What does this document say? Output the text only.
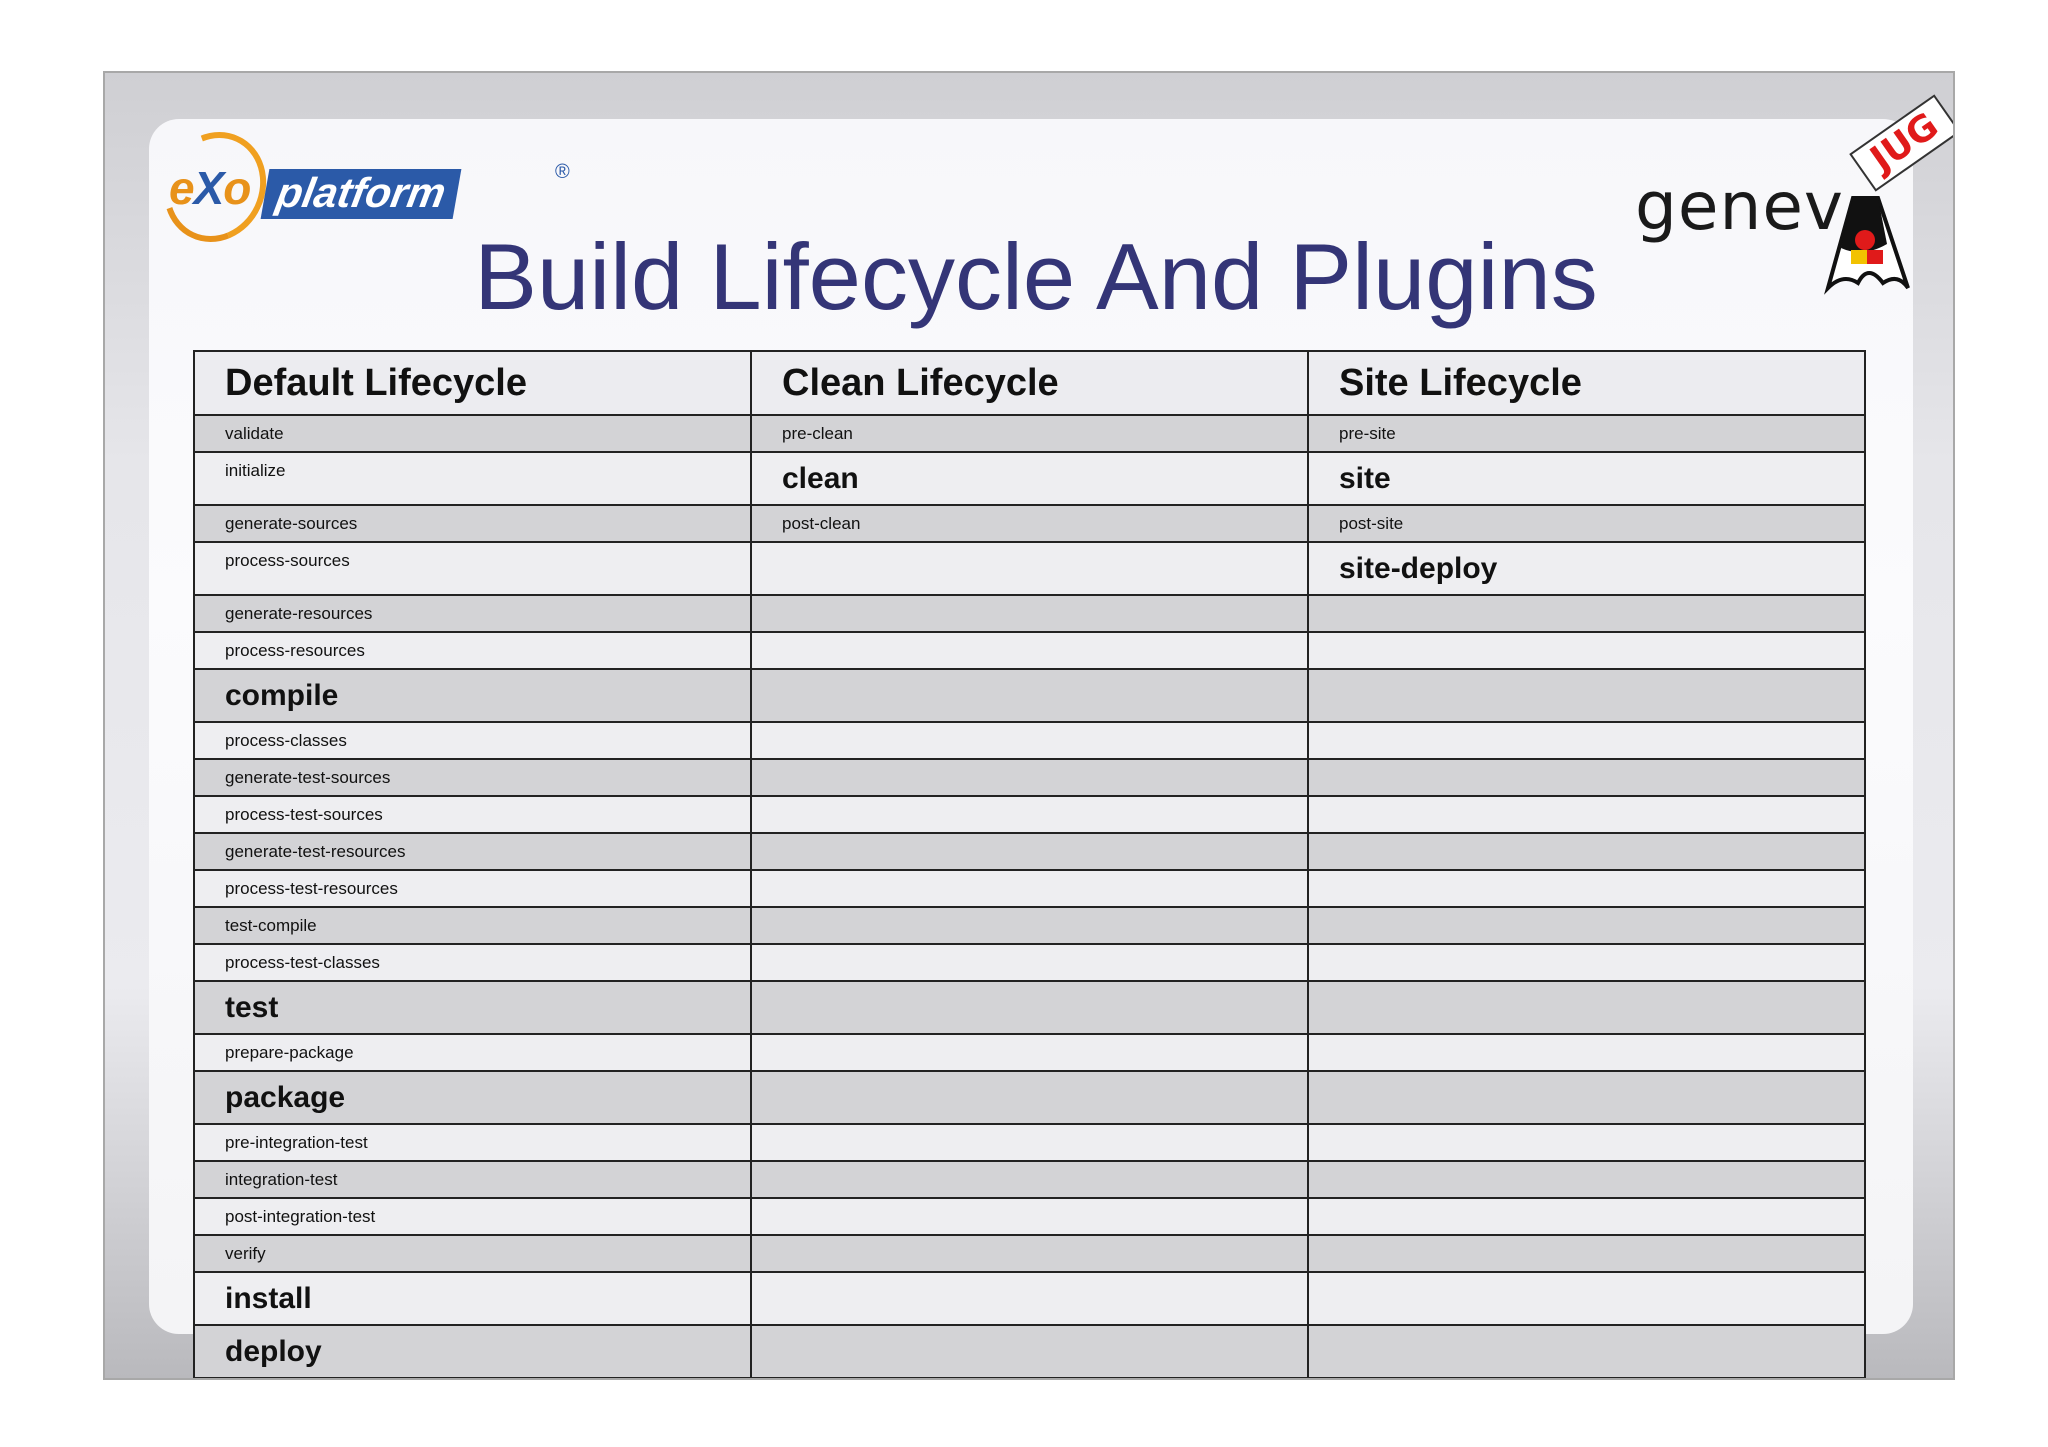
eXo platform	®	genev
JUG
Build Lifecycle And Plugins
Default Lifecycle	Clean Lifecycle	Site Lifecycle
validate	pre-clean	pre-site
initialize	clean	site
generate-sources	post-clean	post-site
process-sources		site-deploy
generate-resources		
process-resources		
compile		
process-classes		
generate-test-sources		
process-test-sources		
generate-test-resources		
process-test-resources		
test-compile		
process-test-classes		
test		
prepare-package		
package		
pre-integration-test		
integration-test		
post-integration-test		
verify		
install		
deploy		
